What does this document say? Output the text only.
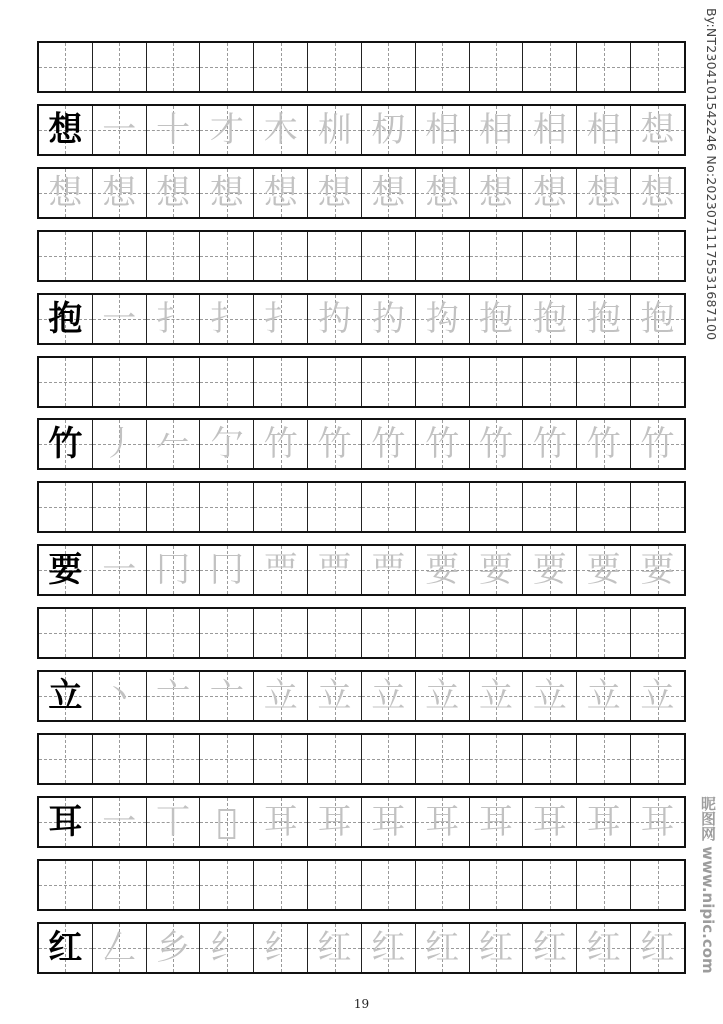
想 一 十 才 木 杊 朷 相 相 相 相 想
想 想 想 想 想 想 想 想 想 想 想 想
抱 一 扌 扌 扌 扚 扚 抅 抱 抱 抱 抱
竹 丿 𠂉 亇 竹 竹 竹 竹 竹 竹 竹 竹
要 一 冂 冂 覀 覀 覀 要 要 要 要 要
立 丶 亠 亠 立 立 立 立 立 立 立 立
耳 一 丅 𠄐 耳 耳 耳 耳 耳 耳 耳 耳
红 𠃋 乡 纟 纟 红 红 红 红 红 红 红
19
By:NT2304101542246 No:20230711175531687100
昵图网 www.nipic.com
